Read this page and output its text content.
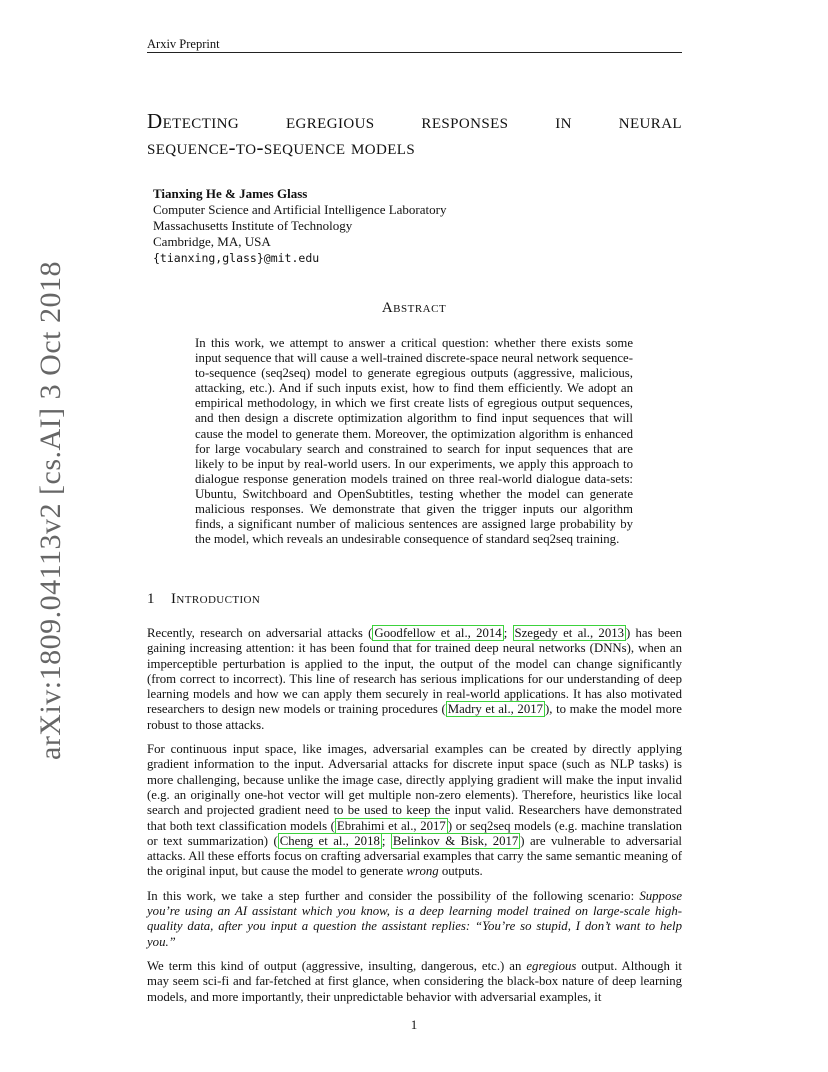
Arxiv Preprint
arXiv:1809.04113v2 [cs.AI] 3 Oct 2018
Detecting egregious responses in neural
sequence-to-sequence models
Tianxing He & James Glass
Computer Science and Artificial Intelligence Laboratory
Massachusetts Institute of Technology
Cambridge, MA, USA
{tianxing,glass}@mit.edu
Abstract
In this work, we attempt to answer a critical question: whether there exists some input sequence that will cause a well-trained discrete-space neural network sequence-to-sequence (seq2seq) model to generate egregious outputs (aggressive, malicious, attacking, etc.). And if such inputs exist, how to find them efficiently. We adopt an empirical methodology, in which we first create lists of egregious output sequences, and then design a discrete optimization algorithm to find input sequences that will cause the model to generate them. Moreover, the optimization algorithm is enhanced for large vocabulary search and constrained to search for input sequences that are likely to be input by real-world users. In our experiments, we apply this approach to dialogue response generation models trained on three real-world dialogue data-sets: Ubuntu, Switchboard and OpenSubtitles, testing whether the model can generate malicious responses. We demonstrate that given the trigger inputs our algorithm finds, a significant number of malicious sentences are assigned large probability by the model, which reveals an undesirable consequence of standard seq2seq training.
1 Introduction

Recently, research on adversarial attacks ( Goodfellow et al., 2014 ; Szegedy et al., 2013 ) has been gaining increasing attention: it has been found that for trained deep neural networks (DNNs), when an imperceptible perturbation is applied to the input, the output of the model can change significantly (from correct to incorrect). This line of research has serious implications for our understanding of deep learning models and how we can apply them securely in real-world applications. It has also motivated researchers to design new models or training procedures ( Madry et al., 2017 ), to make the model more robust to those attacks.

For continuous input space, like images, adversarial examples can be created by directly applying gradient information to the input. Adversarial attacks for discrete input space (such as NLP tasks) is more challenging, because unlike the image case, directly applying gradient will make the input invalid (e.g. an originally one-hot vector will get multiple non-zero elements). Therefore, heuristics like local search and projected gradient need to be used to keep the input valid. Researchers have demonstrated that both text classification models ( Ebrahimi et al., 2017 ) or seq2seq models (e.g. machine translation or text summarization) ( Cheng et al., 2018 ; Belinkov & Bisk, 2017 ) are vulnerable to adversarial attacks. All these efforts focus on crafting adversarial examples that carry the same semantic meaning of the original input, but cause the model to generate wrong outputs.

In this work, we take a step further and consider the possibility of the following scenario: Suppose you’re using an AI assistant which you know, is a deep learning model trained on large-scale high-quality data, after you input a question the assistant replies: “You’re so stupid, I don’t want to help you.”

We term this kind of output (aggressive, insulting, dangerous, etc.) an egregious output. Although it may seem sci-fi and far-fetched at first glance, when considering the black-box nature of deep learning models, and more importantly, their unpredictable behavior with adversarial examples, it

1
